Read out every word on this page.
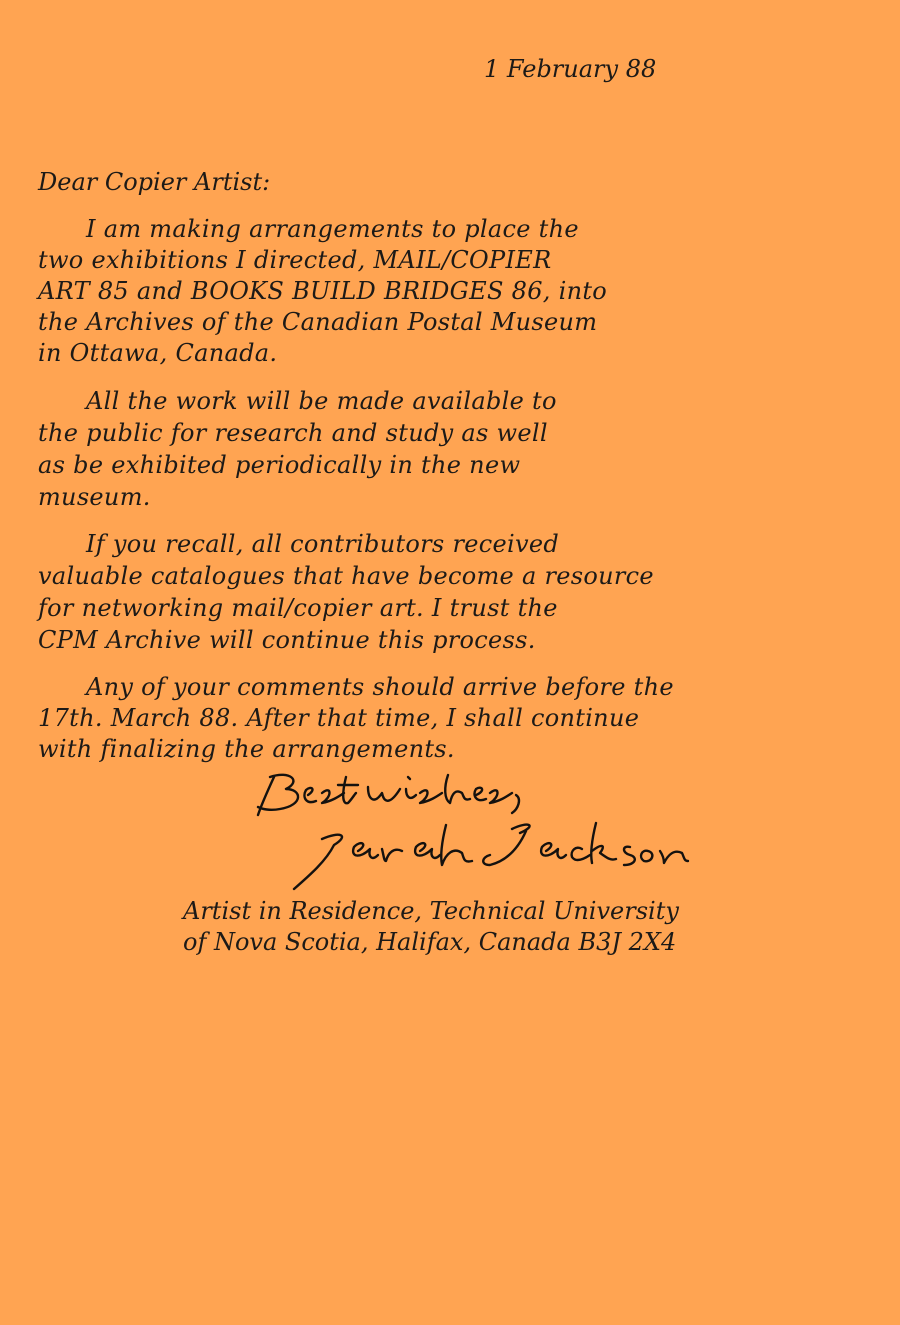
1 February 88
Dear Copier Artist:
I am making arrangements to place the
two exhibitions I directed, MAIL/COPIER
ART 85 and BOOKS BUILD BRIDGES 86, into
the Archives of the Canadian Postal Museum
in Ottawa, Canada.
All the work will be made available to
the public for research and study as well
as be exhibited periodically in the new
museum.
If you recall, all contributors received
valuable catalogues that have become a resource
for networking mail/copier art. I trust the
CPM Archive will continue this process.
Any of your comments should arrive before the
17th. March 88. After that time, I shall continue
with finalizing the arrangements.
Artist in Residence, Technical University
of Nova Scotia, Halifax, Canada B3J 2X4
